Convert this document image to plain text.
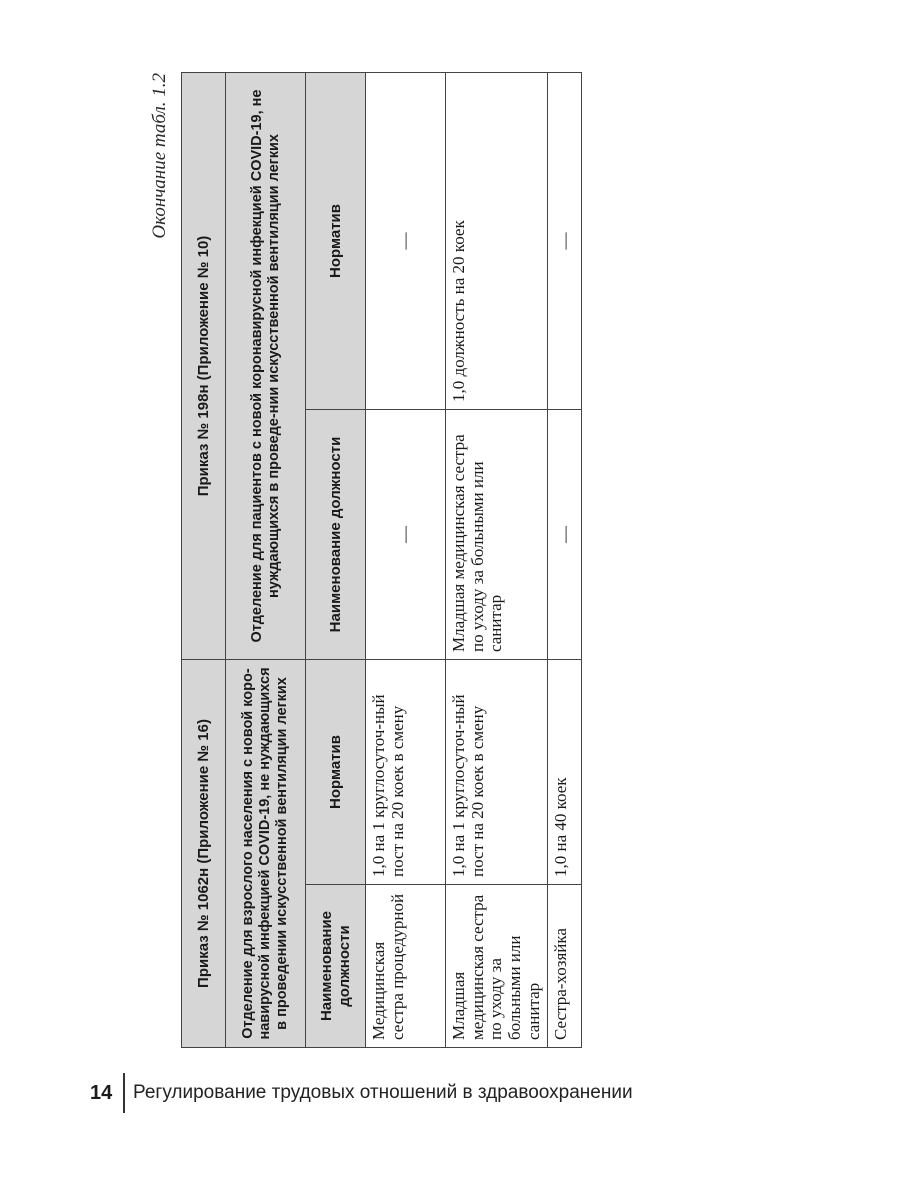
Окончание табл. 1.2
Приказ № 1062н (Приложение № 16)		Приказ № 198н (Приложение № 10)	
Отделение для взрослого населения с новой коро-навирусной инфекцией COVID-19, не нуждающихся в проведении искусственной вентиляции легких		Отделение для пациентов с новой коронавирусной инфекцией COVID-19, не нуждающихся в проведе-нии искусственной вентиляции легких	
Наименование должности	Норматив	Наименование должности	Норматив
Медицинская сестра процедурной	1,0 на 1 круглосуточ-ный пост на 20 коек в смену	—	—
Младшая медицинская сестра по уходу за больными или санитар	1,0 на 1 круглосуточ-ный пост на 20 коек в смену	Младшая медицинская сестра по уходу за больными или санитар	1,0 должность на 20 коек
Сестра-хозяйка	1,0 на 40 коек	—	—
14	Регулирование трудовых отношений в здравоохранении
